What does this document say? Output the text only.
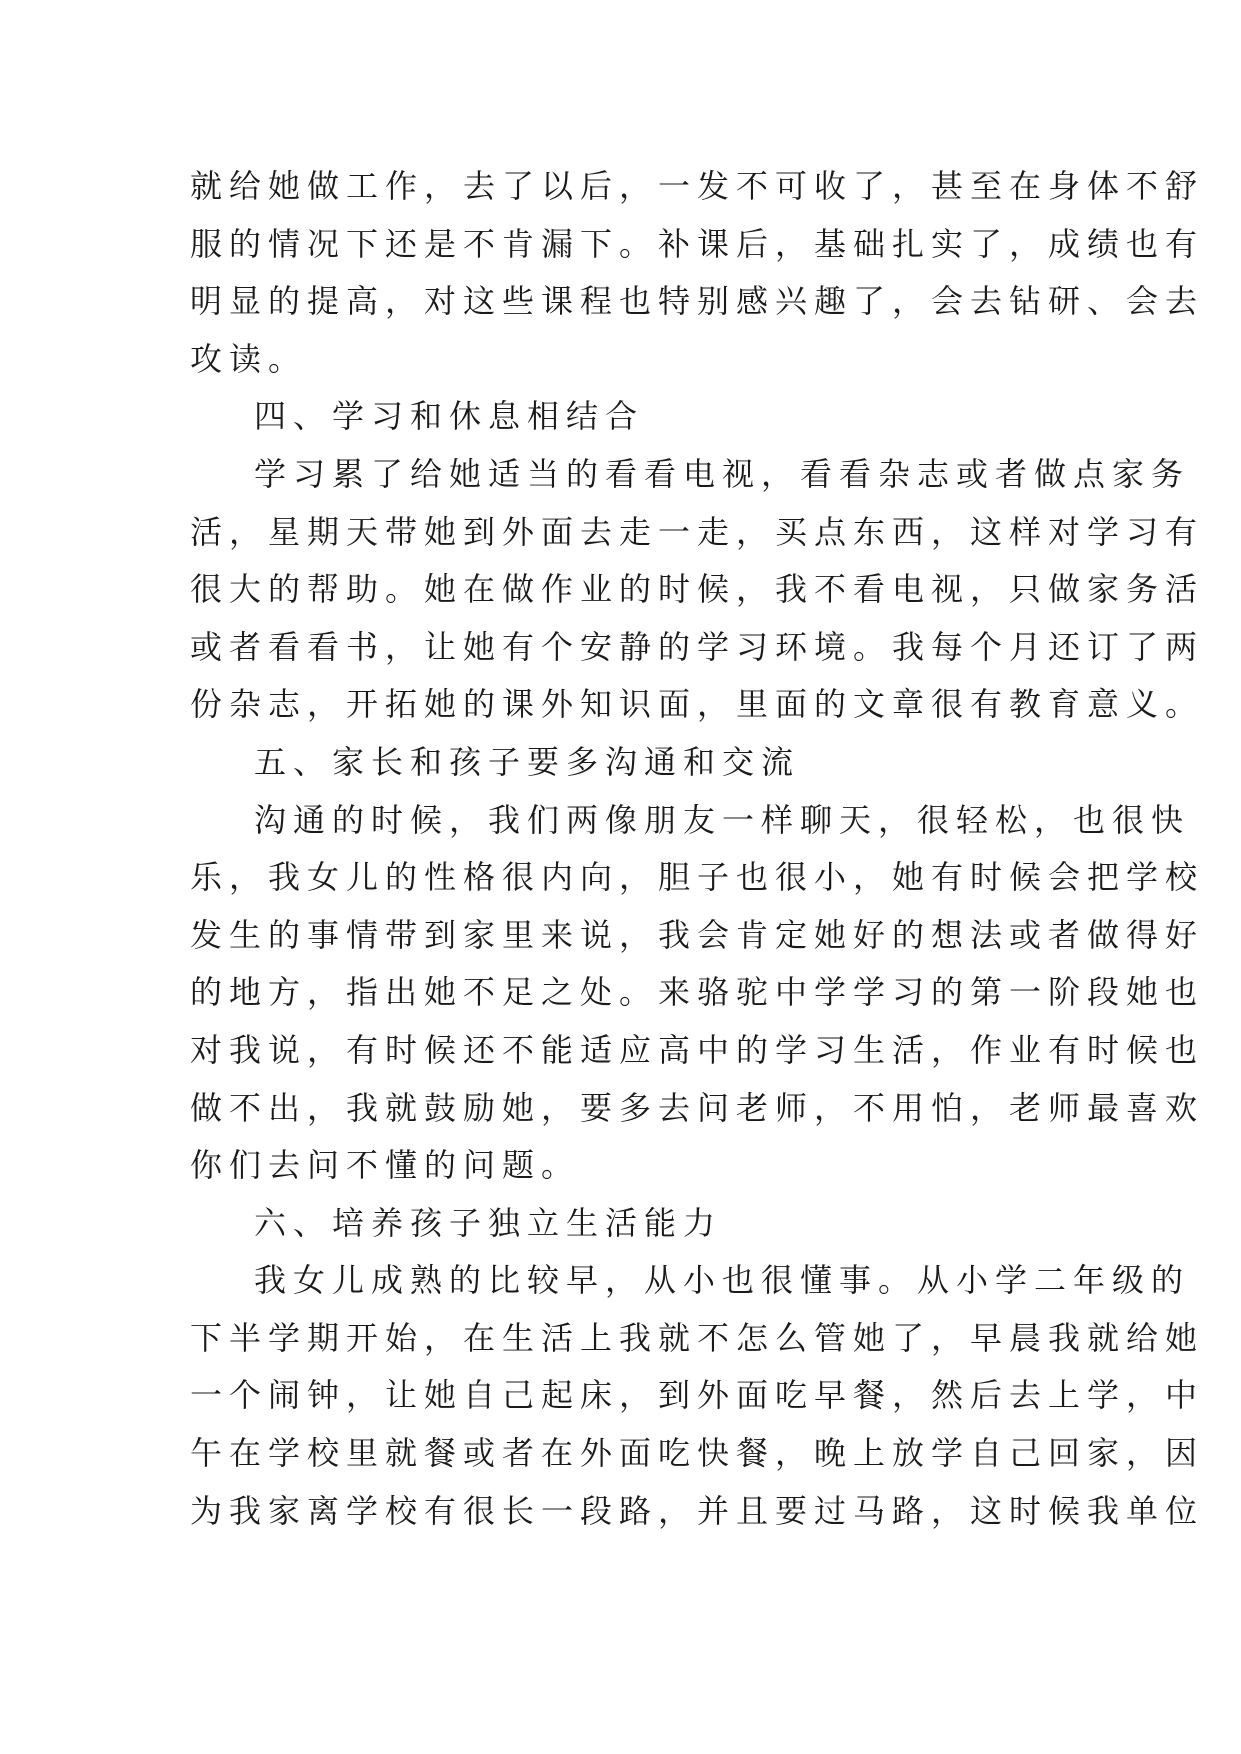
就给她做工作，去了以后，一发不可收了，甚至在身体不舒
服的情况下还是不肯漏下。补课后，基础扎实了，成绩也有
明显的提高，对这些课程也特别感兴趣了，会去钻研、会去
攻读。
四、学习和休息相结合
学习累了给她适当的看看电视，看看杂志或者做点家务
活，星期天带她到外面去走一走，买点东西，这样对学习有
很大的帮助。她在做作业的时候，我不看电视，只做家务活
或者看看书，让她有个安静的学习环境。我每个月还订了两
份杂志，开拓她的课外知识面，里面的文章很有教育意义。
五、家长和孩子要多沟通和交流
沟通的时候，我们两像朋友一样聊天，很轻松，也很快
乐，我女儿的性格很内向，胆子也很小，她有时候会把学校
发生的事情带到家里来说，我会肯定她好的想法或者做得好
的地方，指出她不足之处。来骆驼中学学习的第一阶段她也
对我说，有时候还不能适应高中的学习生活，作业有时候也
做不出，我就鼓励她，要多去问老师，不用怕，老师最喜欢
你们去问不懂的问题。
六、培养孩子独立生活能力
我女儿成熟的比较早，从小也很懂事。从小学二年级的
下半学期开始，在生活上我就不怎么管她了，早晨我就给她
一个闹钟，让她自己起床，到外面吃早餐，然后去上学，中
午在学校里就餐或者在外面吃快餐，晚上放学自己回家，因
为我家离学校有很长一段路，并且要过马路，这时候我单位
